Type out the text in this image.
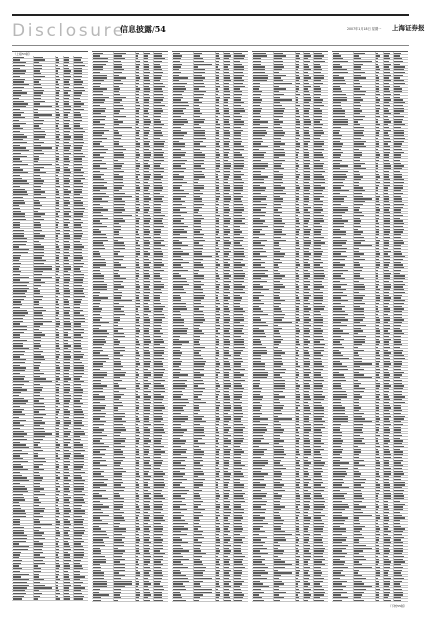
Disclosure
信息披露/54	2007年1月18日 星期一 上海证券报
（上接53版）
（下转55版）
